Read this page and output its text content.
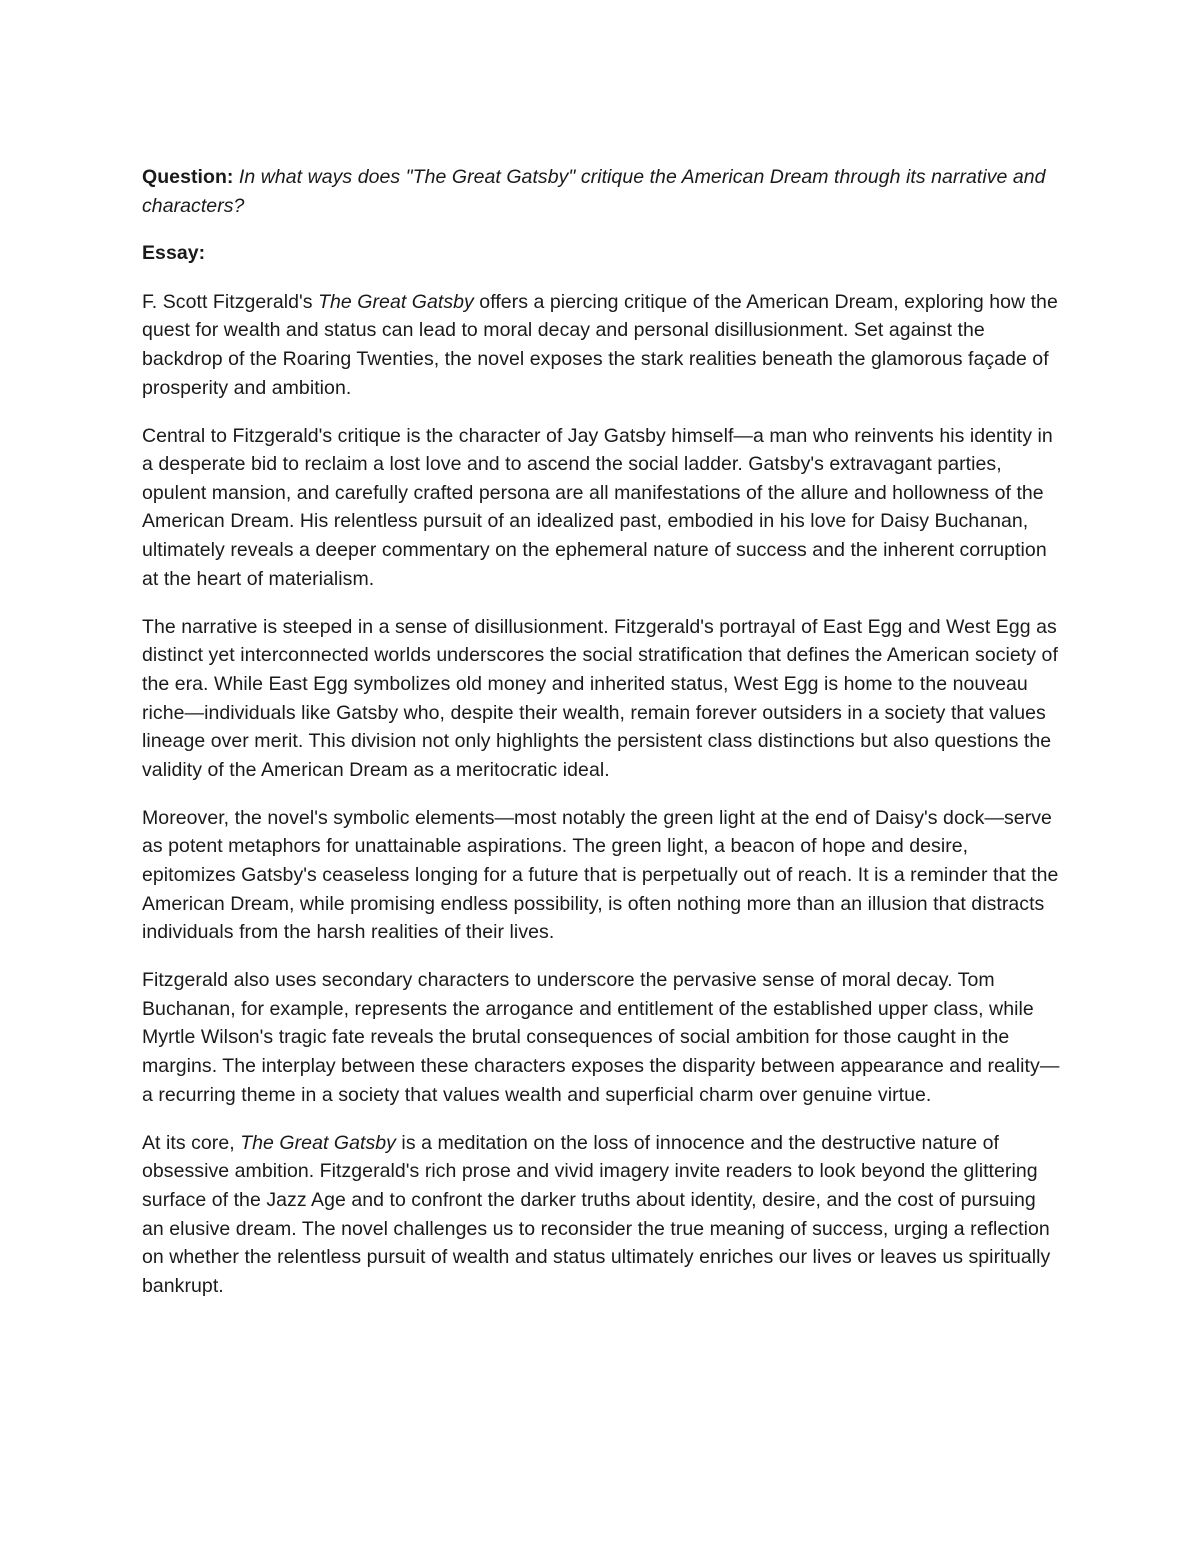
Question: In what ways does "The Great Gatsby" critique the American Dream through its narrative and characters?
Essay:

F. Scott Fitzgerald's The Great Gatsby offers a piercing critique of the American Dream, exploring how the quest for wealth and status can lead to moral decay and personal disillusionment. Set against the backdrop of the Roaring Twenties, the novel exposes the stark realities beneath the glamorous façade of prosperity and ambition.

Central to Fitzgerald's critique is the character of Jay Gatsby himself—a man who reinvents his identity in a desperate bid to reclaim a lost love and to ascend the social ladder. Gatsby's extravagant parties, opulent mansion, and carefully crafted persona are all manifestations of the allure and hollowness of the American Dream. His relentless pursuit of an idealized past, embodied in his love for Daisy Buchanan, ultimately reveals a deeper commentary on the ephemeral nature of success and the inherent corruption at the heart of materialism.

The narrative is steeped in a sense of disillusionment. Fitzgerald's portrayal of East Egg and West Egg as distinct yet interconnected worlds underscores the social stratification that defines the American society of the era. While East Egg symbolizes old money and inherited status, West Egg is home to the nouveau riche—individuals like Gatsby who, despite their wealth, remain forever outsiders in a society that values lineage over merit. This division not only highlights the persistent class distinctions but also questions the validity of the American Dream as a meritocratic ideal.

Moreover, the novel's symbolic elements—most notably the green light at the end of Daisy's dock—serve as potent metaphors for unattainable aspirations. The green light, a beacon of hope and desire, epitomizes Gatsby's ceaseless longing for a future that is perpetually out of reach. It is a reminder that the American Dream, while promising endless possibility, is often nothing more than an illusion that distracts individuals from the harsh realities of their lives.

Fitzgerald also uses secondary characters to underscore the pervasive sense of moral decay. Tom Buchanan, for example, represents the arrogance and entitlement of the established upper class, while Myrtle Wilson's tragic fate reveals the brutal consequences of social ambition for those caught in the margins. The interplay between these characters exposes the disparity between appearance and reality—a recurring theme in a society that values wealth and superficial charm over genuine virtue.

At its core, The Great Gatsby is a meditation on the loss of innocence and the destructive nature of obsessive ambition. Fitzgerald's rich prose and vivid imagery invite readers to look beyond the glittering surface of the Jazz Age and to confront the darker truths about identity, desire, and the cost of pursuing an elusive dream. The novel challenges us to reconsider the true meaning of success, urging a reflection on whether the relentless pursuit of wealth and status ultimately enriches our lives or leaves us spiritually bankrupt.
